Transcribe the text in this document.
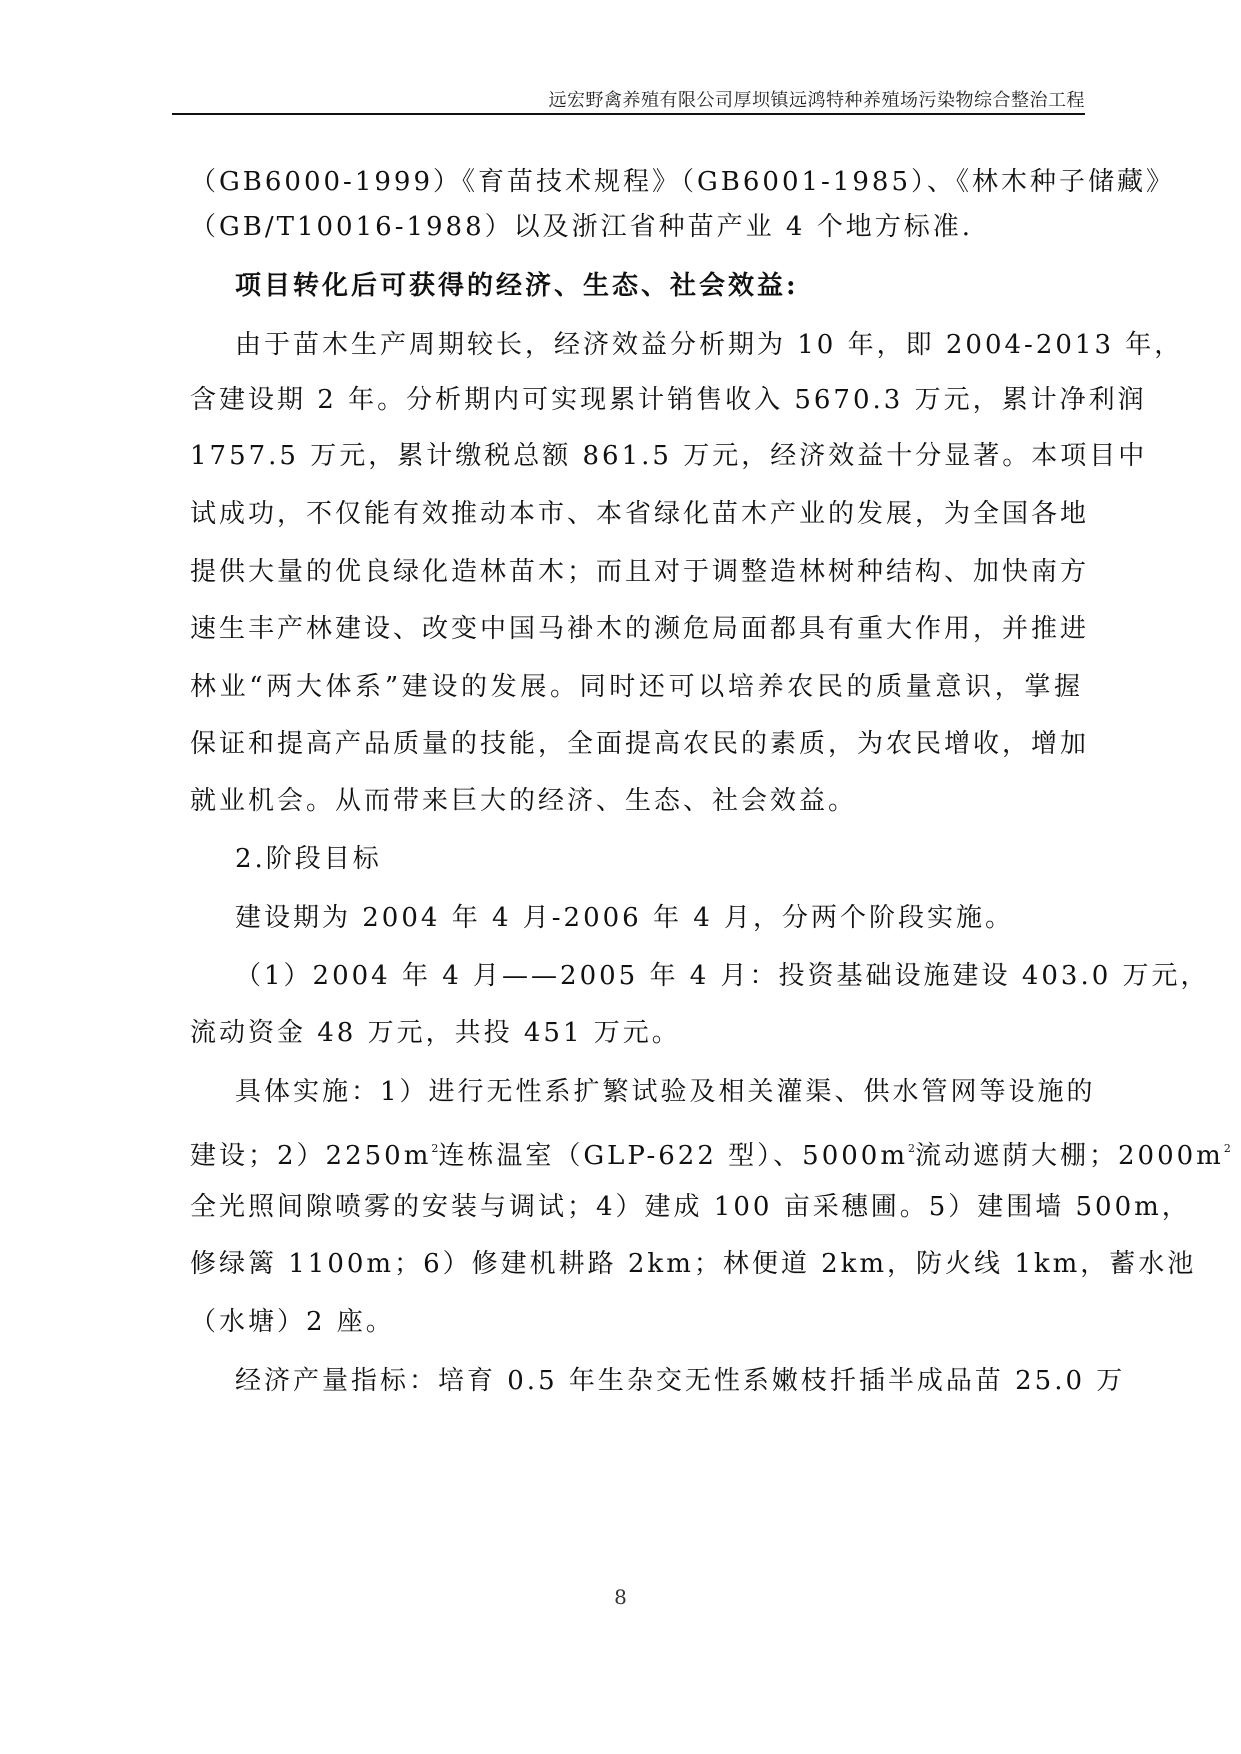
远宏野禽养殖有限公司厚坝镇远鸿特种养殖场污染物综合整治工程
（GB6000-1999）《育苗技术规程》（GB6001-1985）、《林木种子储藏》
（GB/T10016-1988）以及浙江省种苗产业 4 个地方标准.
项目转化后可获得的经济、生态、社会效益:
由于苗木生产周期较长，经济效益分析期为 10 年，即 2004-2013 年，
含建设期 2 年。分析期内可实现累计销售收入 5670.3 万元，累计净利润
1757.5 万元，累计缴税总额 861.5 万元，经济效益十分显著。本项目中
试成功，不仅能有效推动本市、本省绿化苗木产业的发展，为全国各地
提供大量的优良绿化造林苗木；而且对于调整造林树种结构、加快南方
速生丰产林建设、改变中国马褂木的濒危局面都具有重大作用，并推进
林业“两大体系”建设的发展。同时还可以培养农民的质量意识，掌握
保证和提高产品质量的技能，全面提高农民的素质，为农民增收，增加
就业机会。从而带来巨大的经济、生态、社会效益。
2.阶段目标
建设期为 2004 年 4 月-2006 年 4 月，分两个阶段实施。
（1）2004 年 4 月——2005 年 4 月：投资基础设施建设 403.0 万元，
流动资金 48 万元，共投 451 万元。
具体实施：1）进行无性系扩繁试验及相关灌渠、供水管网等设施的
建设；$2)2250m^2$连栋温室（GLP-622 型）、$5000m^2$流动遮荫大棚；$2000m^2$
全光照间隙喷雾的安装与调试；4）建成 100 亩采穗圃。5）建围墙 500m，
修绿篱 1100m；6）修建机耕路 2km；林便道 2km，防火线 1km，蓄水池
（水塘）2 座。
经济产量指标：培育 0.5 年生杂交无性系嫩枝扦插半成品苗 25.0 万
8
